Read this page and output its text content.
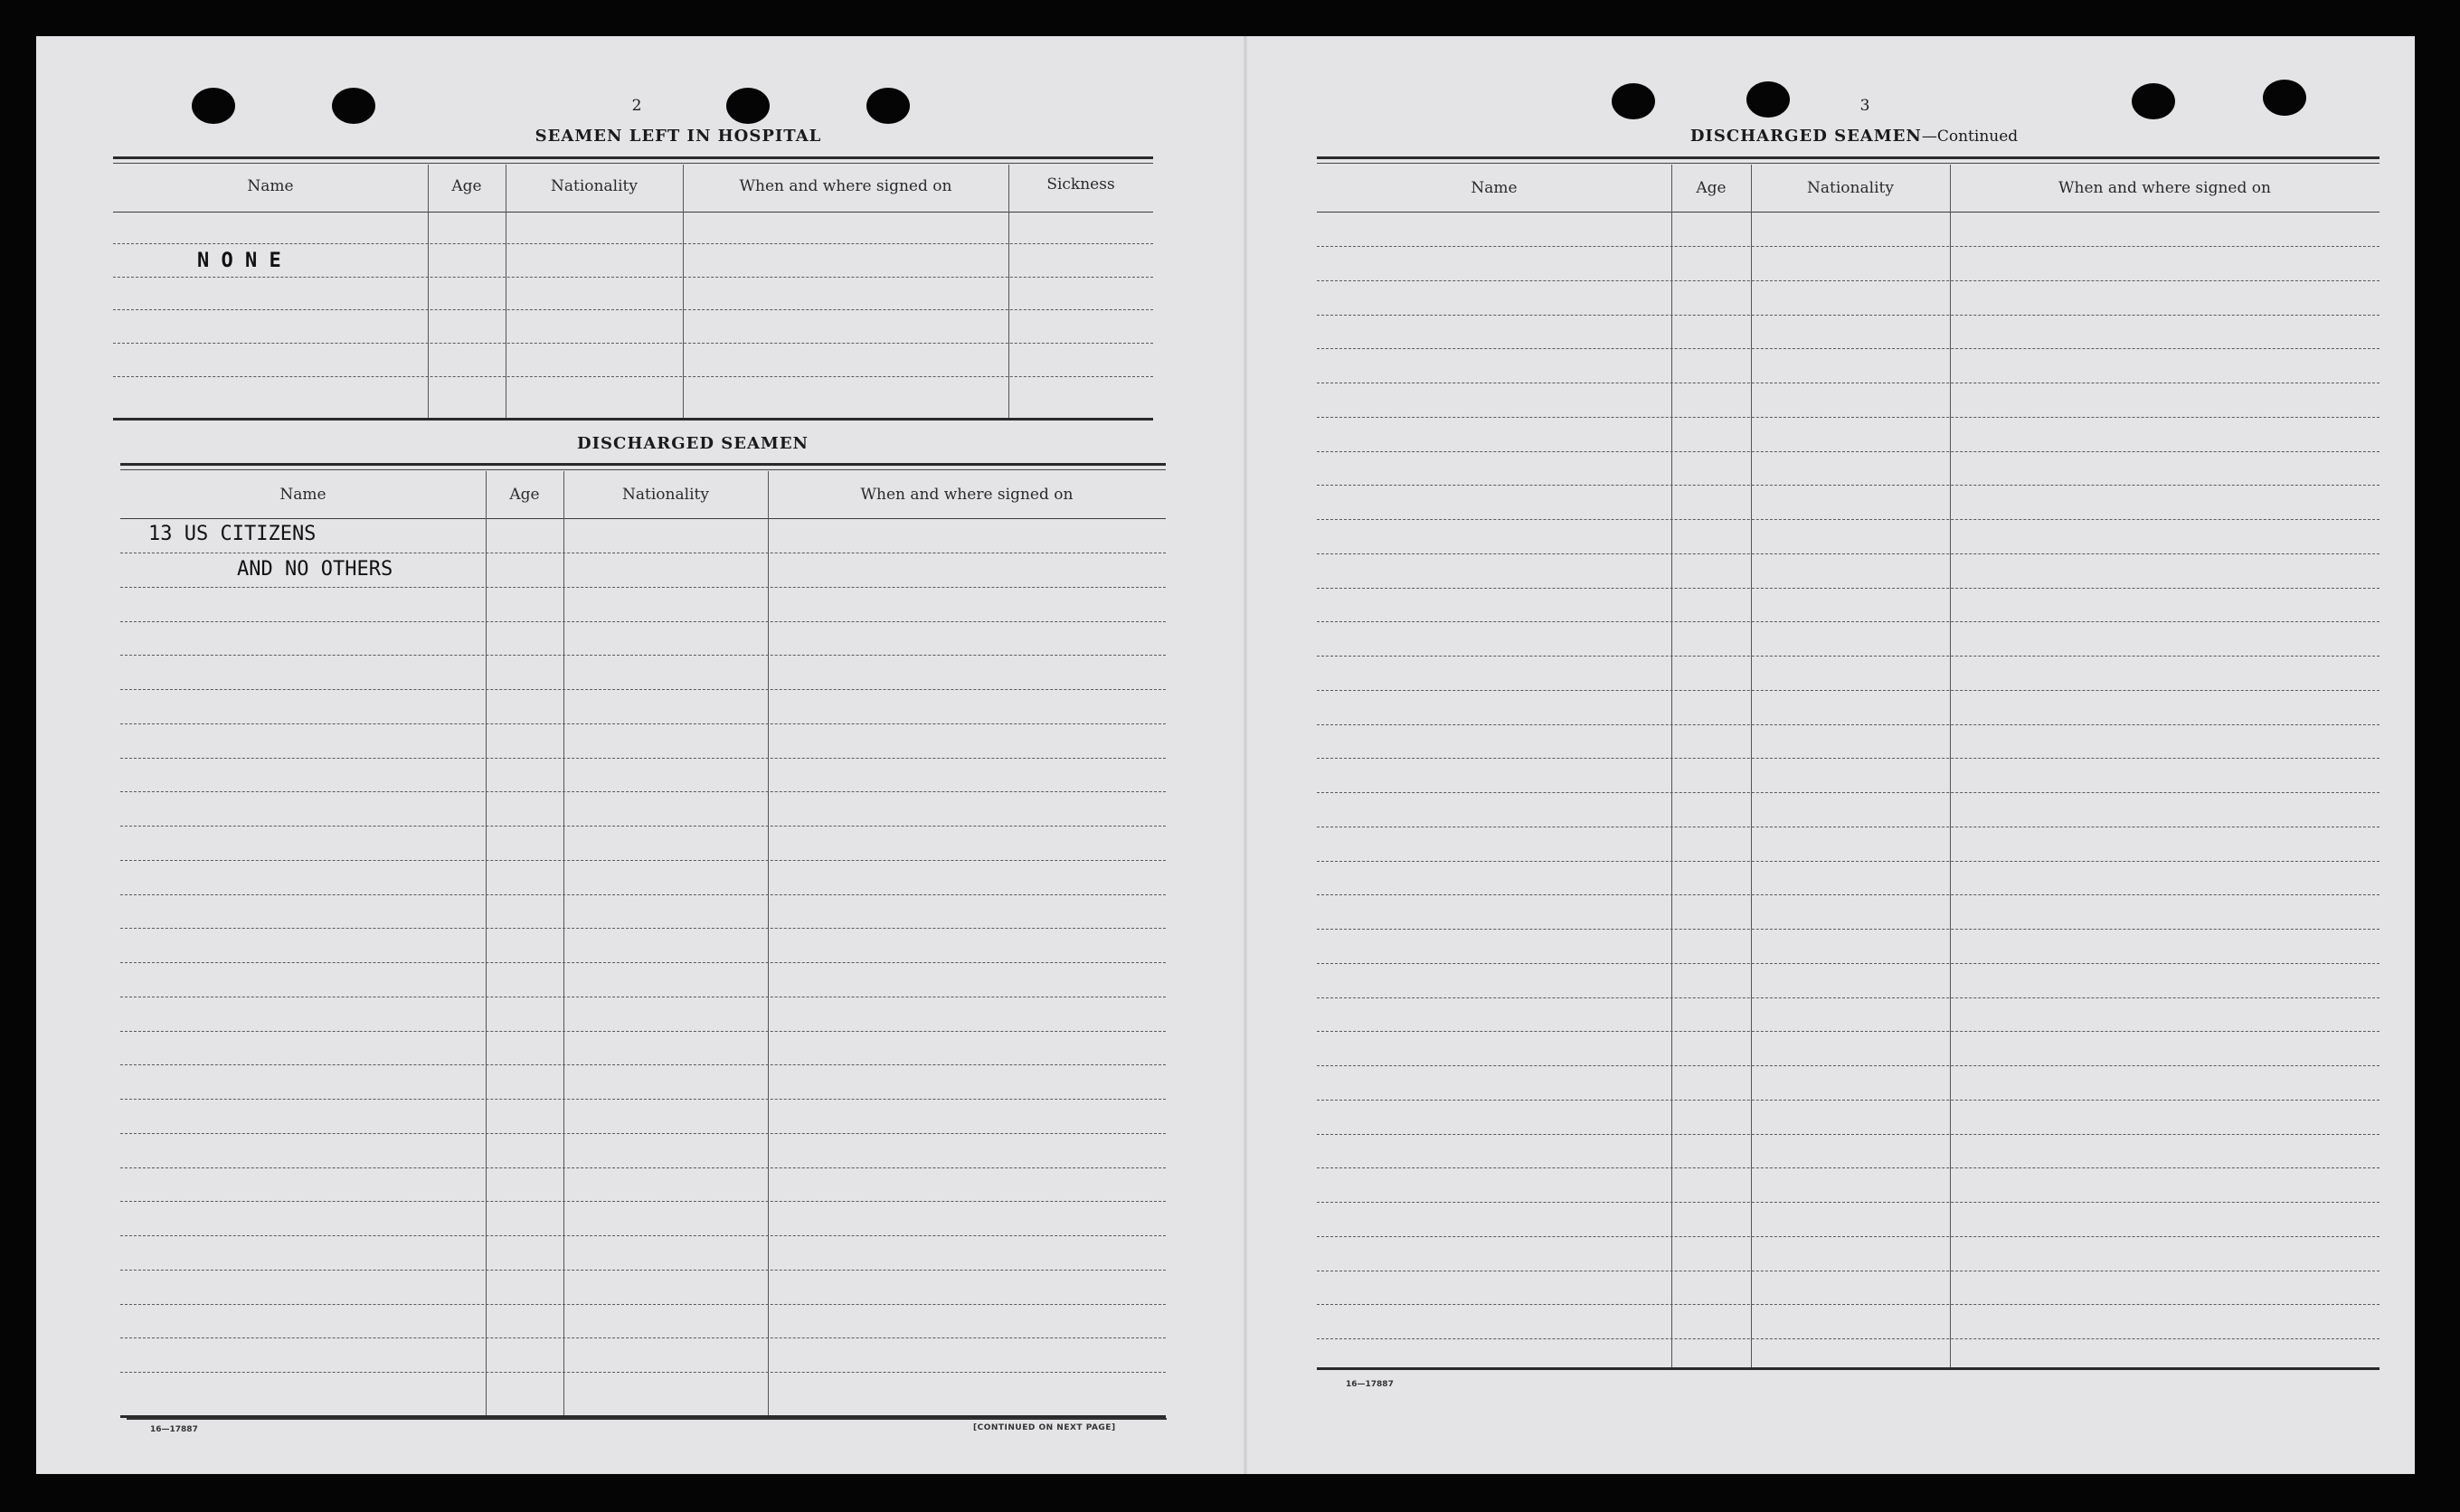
2
SEAMEN LEFT IN HOSPITAL
Name	Age	Nationality	When and where signed on	Sickness
N O N E
DISCHARGED SEAMEN
Name	Age	Nationality	When and where signed on
13 US CITIZENS
AND NO OTHERS
16—17887	[CONTINUED ON NEXT PAGE]
3
DISCHARGED SEAMEN—Continued
Name	Age	Nationality	When and where signed on
16—17887
